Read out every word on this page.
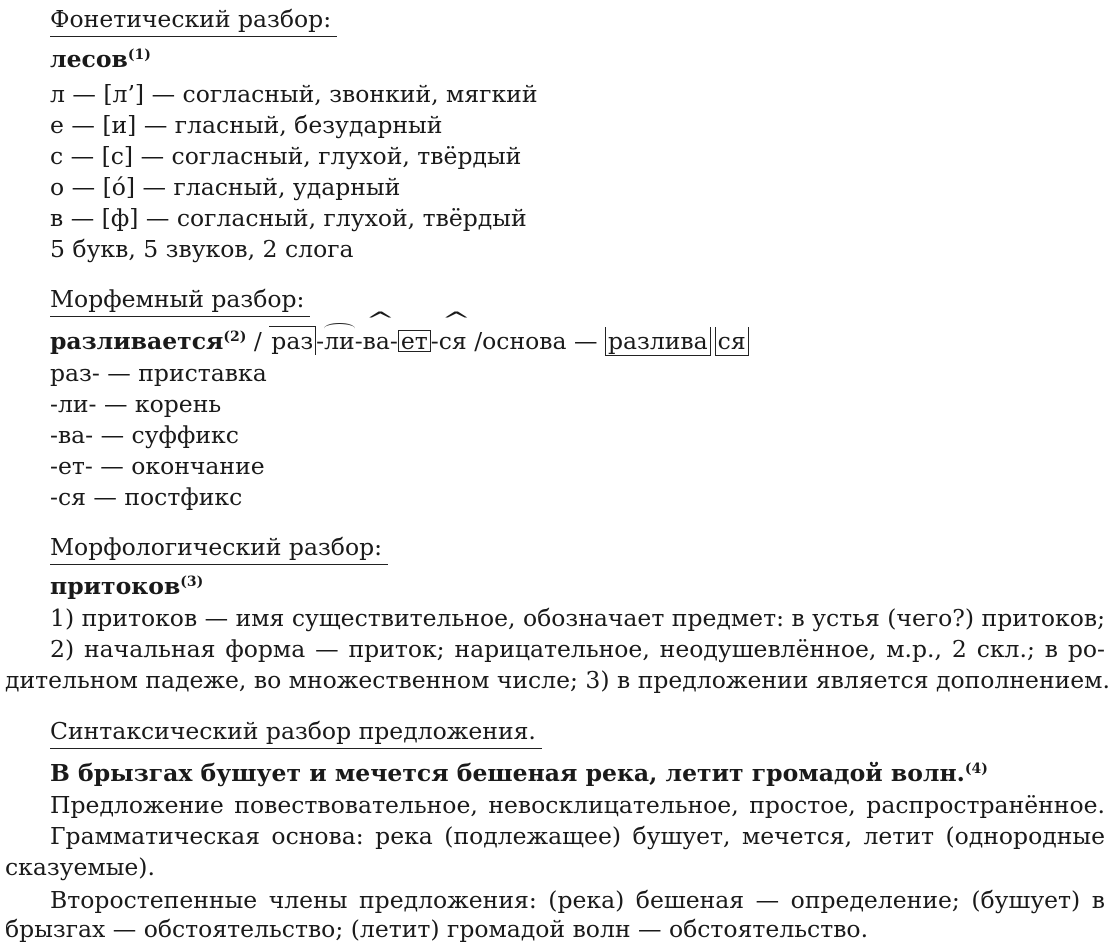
Фонетический разбор:
лесов$^{(1)}$
л — [л’] — согласный, звонкий, мягкий
е — [и] — гласный, безударный
с — [с] — согласный, глухой, твёрдый
о — [о́] — гласный, ударный
в — [ф] — согласный, глухой, твёрдый
5 букв, 5 звуков, 2 слога
Морфемный разбор:
разливается$^{(2)}$ / раз -ли-^ ва- ет -^ ся /основа — разлива ся
раз- — приставка
-ли- — корень
-ва- — суффикс
-ет- — окончание
-ся — постфикс
Морфологический разбор:
притоков$^{(3)}$
1) притоков — имя существительное, обозначает предмет: в устья (чего?) притоков;
2) начальная форма — приток; нарицательное, неодушевлённое, м.р., 2 скл.; в ро-
дительном падеже, во множественном числе; 3) в предложении является дополнением.
Синтаксический разбор предложения.
В брызгах бушует и мечется бешеная река, летит громадой волн.$^{(4)}$
Предложение повествовательное, невосклицательное, простое, распространённое.
Грамматическая основа: река (подлежащее) бушует, мечется, летит (однородные
сказуемые).
Второстепенные члены предложения: (река) бешеная — определение; (бушует) в
брызгах — обстоятельство; (летит) громадой волн — обстоятельство.
